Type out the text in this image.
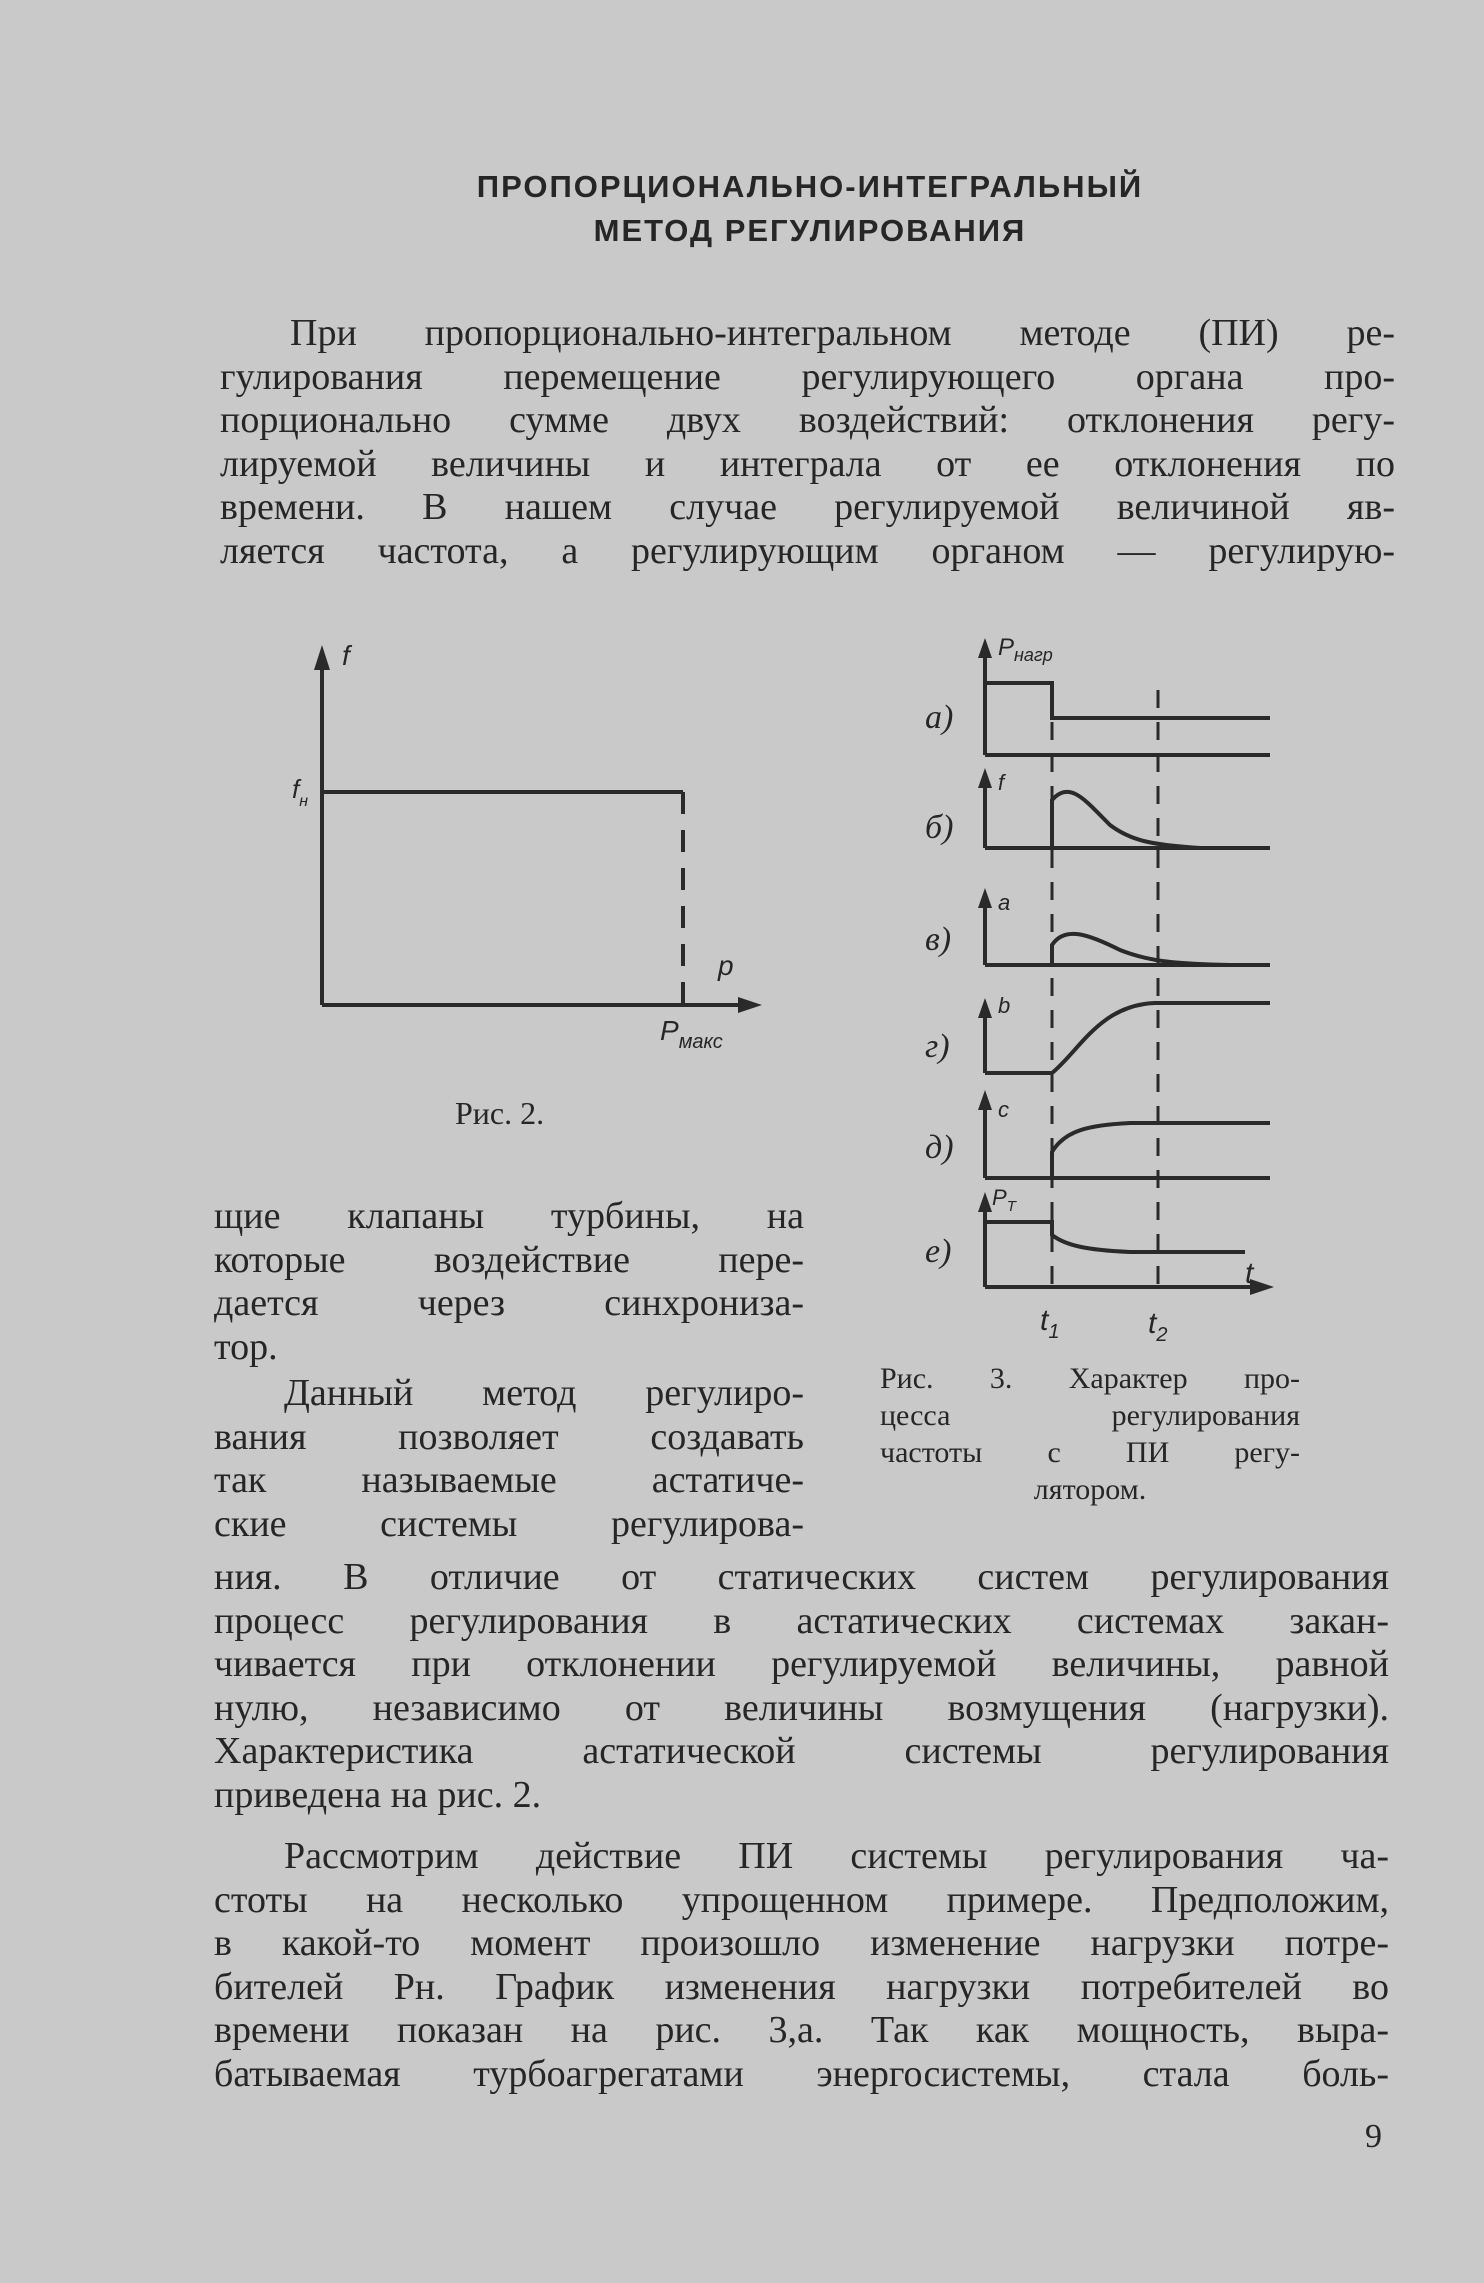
ПРОПОРЦИОНАЛЬНО-ИНТЕГРАЛЬНЫЙ
МЕТОД РЕГУЛИРОВАНИЯ
При пропорционально-интегральном методе (ПИ) ре-
гулирования перемещение регулирующего органа про-
порционально сумме двух воздействий: отклонения регу-
лируемой величины и интеграла от ее отклонения по
времени. В нашем случае регулируемой величиной яв-
ляется частота, а регулирующим органом — регулирую-
f
$f_н$
p
$P_{макс}$
а)
б)
в)
г)
д)
е)
$P_{нагр}$
f
a
b
c
$P_T$
t
$t_1$	$t_2$
Рис. 2.
щие клапаны турбины, на
которые воздействие пере-
дается через синхрониза-
тор.
Данный метод регулиро-
вания позволяет создавать
так называемые астатиче-
ские системы регулирова-
Рис. 3. Характер про-
цесса регулирования
частоты с ПИ регу-
лятором.
ния. В отличие от статических систем регулирования
процесс регулирования в астатических системах закан-
чивается при отклонении регулируемой величины, равной
нулю, независимо от величины возмущения (нагрузки).
Характеристика астатической системы регулирования
приведена на рис. 2.
Рассмотрим действие ПИ системы регулирования ча-
стоты на несколько упрощенном примере. Предположим,
в какой-то момент произошло изменение нагрузки потре-
бителей Pн. График изменения нагрузки потребителей во
времени показан на рис. 3,а. Так как мощность, выра-
батываемая турбоагрегатами энергосистемы, стала боль-
9
